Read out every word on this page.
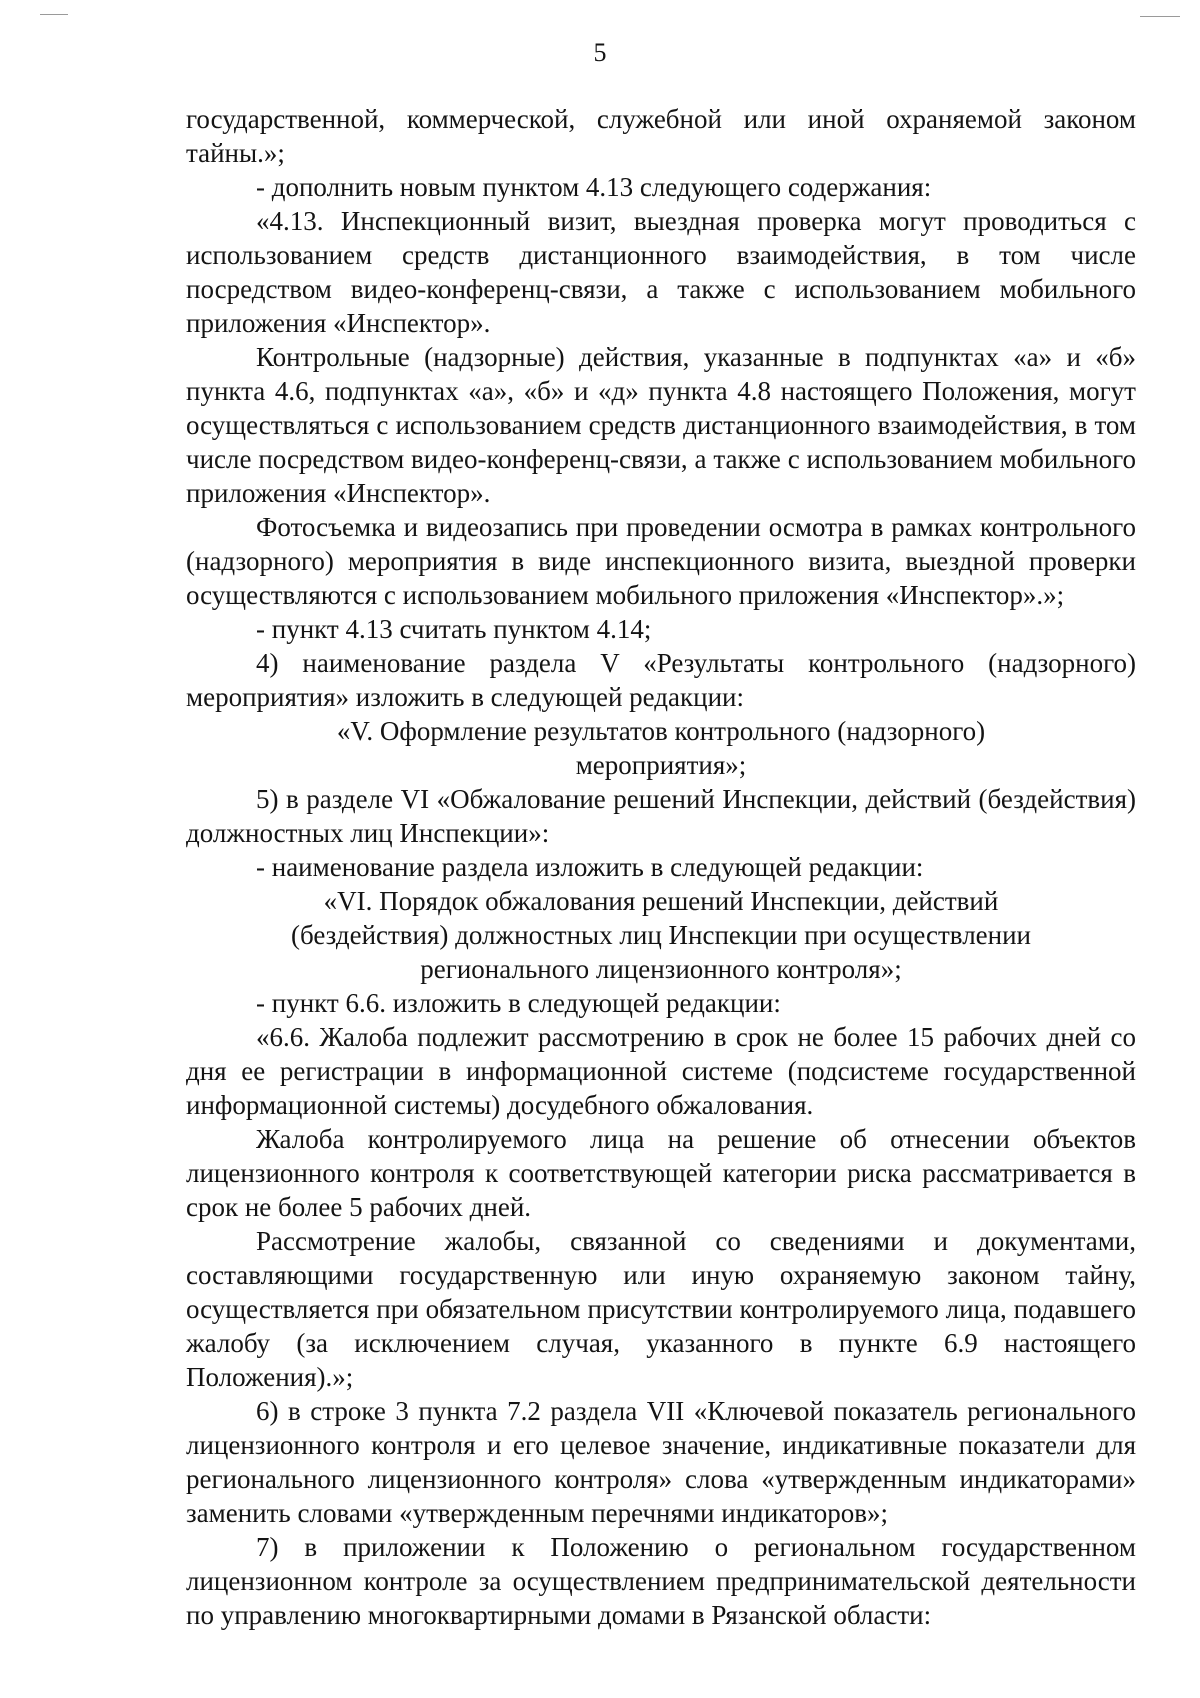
5

государственной, коммерческой, служебной или иной охраняемой законом тайны.»;

- дополнить новым пунктом 4.13 следующего содержания:

«4.13. Инспекционный визит, выездная проверка могут проводиться с использованием средств дистанционного взаимодействия, в том числе посредством видео-конференц-связи, а также с использованием мобильного приложения «Инспектор».

Контрольные (надзорные) действия, указанные в подпунктах «а» и «б» пункта 4.6, подпунктах «а», «б» и «д» пункта 4.8 настоящего Положения, могут осуществляться с использованием средств дистанционного взаимодействия, в том числе посредством видео-конференц-связи, а также с использованием мобильного приложения «Инспектор».

Фотосъемка и видеозапись при проведении осмотра в рамках контрольного (надзорного) мероприятия в виде инспекционного визита, выездной проверки осуществляются с использованием мобильного приложения «Инспектор».»;

- пункт 4.13 считать пунктом 4.14;

4) наименование раздела V «Результаты контрольного (надзорного) мероприятия» изложить в следующей редакции:

«V. Оформление результатов контрольного (надзорного)

мероприятия»;

5) в разделе VI «Обжалование решений Инспекции, действий (бездействия) должностных лиц Инспекции»:

- наименование раздела изложить в следующей редакции:

«VI. Порядок обжалования решений Инспекции, действий

(бездействия) должностных лиц Инспекции при осуществлении

регионального лицензионного контроля»;

- пункт 6.6. изложить в следующей редакции:

«6.6. Жалоба подлежит рассмотрению в срок не более 15 рабочих дней со дня ее регистрации в информационной системе (подсистеме государственной информационной системы) досудебного обжалования.

Жалоба контролируемого лица на решение об отнесении объектов лицензионного контроля к соответствующей категории риска рассматривается в срок не более 5 рабочих дней.

Рассмотрение жалобы, связанной со сведениями и документами, составляющими государственную или иную охраняемую законом тайну, осуществляется при обязательном присутствии контролируемого лица, подавшего жалобу (за исключением случая, указанного в пункте 6.9 настоящего Положения).»;

6) в строке 3 пункта 7.2 раздела VII «Ключевой показатель регионального лицензионного контроля и его целевое значение, индикативные показатели для регионального лицензионного контроля» слова «утвержденным индикаторами» заменить словами «утвержденным перечнями индикаторов»;

7) в приложении к Положению о региональном государственном лицензионном контроле за осуществлением предпринимательской деятельности по управлению многоквартирными домами в Рязанской области:
